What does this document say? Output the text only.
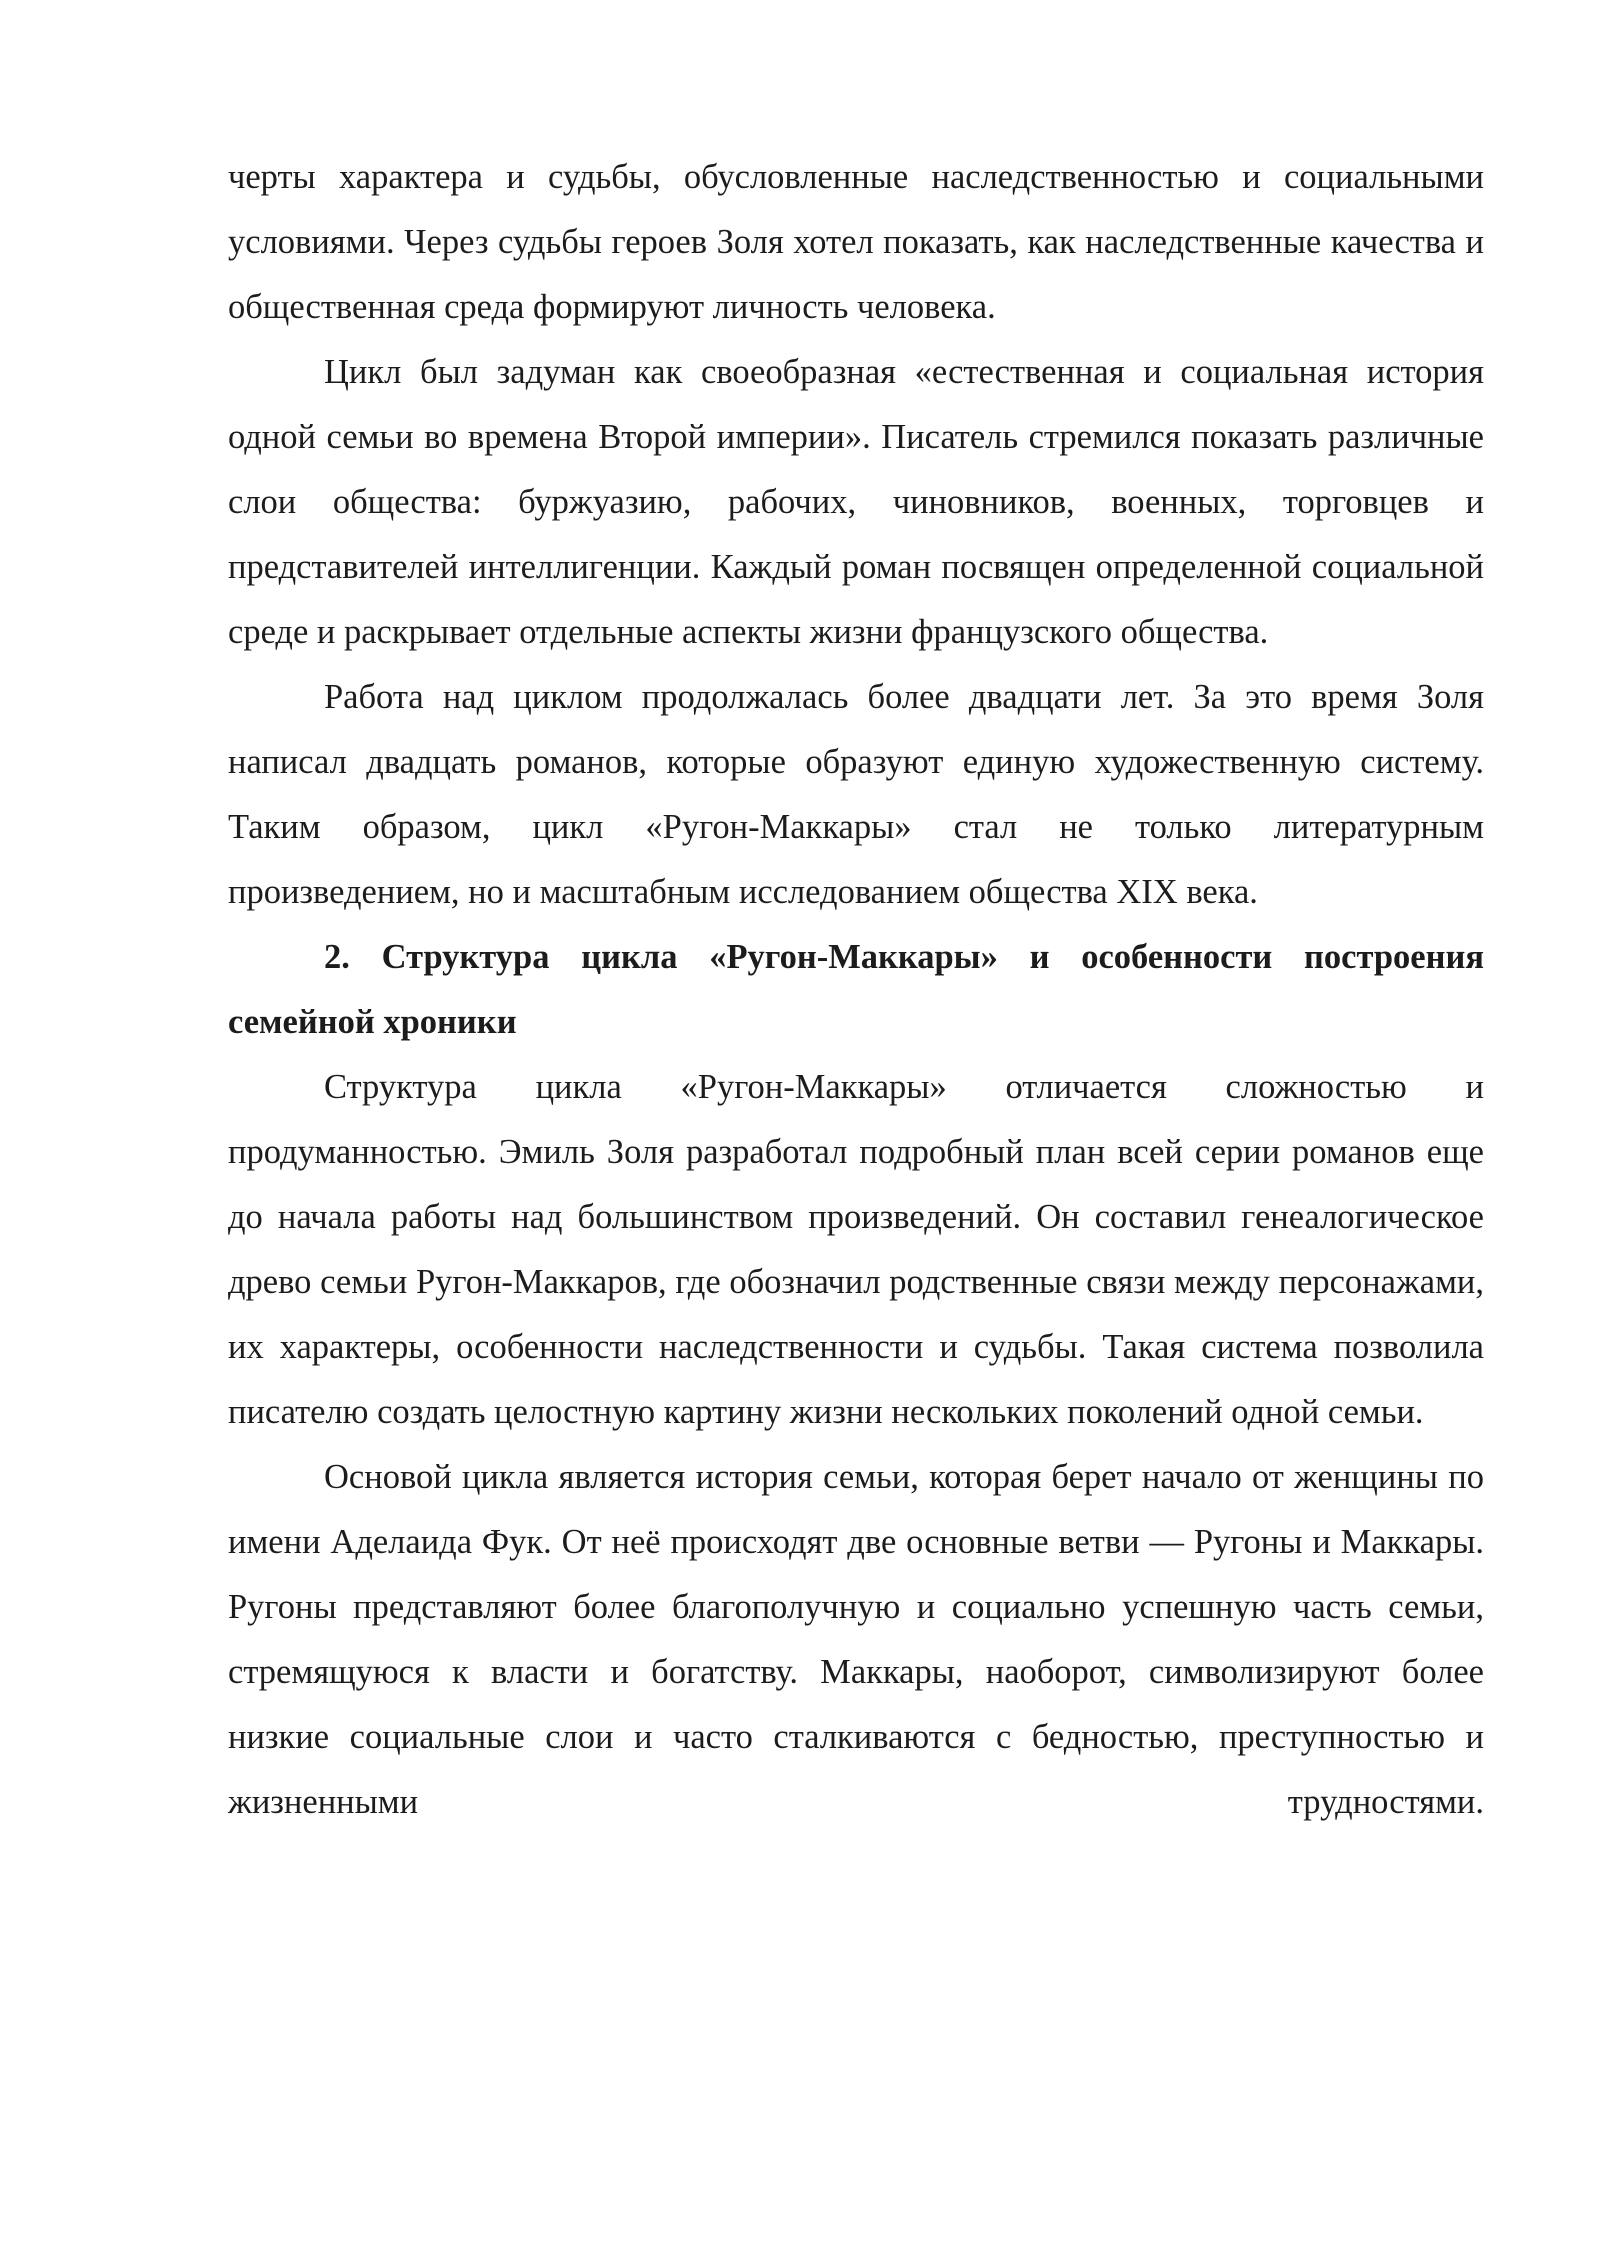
черты характера и судьбы, обусловленные наследственностью и социальными условиями. Через судьбы героев Золя хотел показать, как наследственные качества и общественная среда формируют личность человека.

Цикл был задуман как своеобразная «естественная и социальная история одной семьи во времена Второй империи». Писатель стремился показать различные слои общества: буржуазию, рабочих, чиновников, военных, торговцев и представителей интеллигенции. Каждый роман посвящен определенной социальной среде и раскрывает отдельные аспекты жизни французского общества.

Работа над циклом продолжалась более двадцати лет. За это время Золя написал двадцать романов, которые образуют единую художественную систему. Таким образом, цикл «Ругон-Маккары» стал не только литературным произведением, но и масштабным исследованием общества XIX века.

2. Структура цикла «Ругон-Маккары» и особенности построения семейной хроники

Структура цикла «Ругон-Маккары» отличается сложностью и продуманностью. Эмиль Золя разработал подробный план всей серии романов еще до начала работы над большинством произведений. Он составил генеалогическое древо семьи Ругон-Маккаров, где обозначил родственные связи между персонажами, их характеры, особенности наследственности и судьбы. Такая система позволила писателю создать целостную картину жизни нескольких поколений одной семьи.

Основой цикла является история семьи, которая берет начало от женщины по имени Аделаида Фук. От неё происходят две основные ветви — Ругоны и Маккары. Ругоны представляют более благополучную и социально успешную часть семьи, стремящуюся к власти и богатству. Маккары, наоборот, символизируют более низкие социальные слои и часто сталкиваются с бедностью, преступностью и жизненными трудностями.
